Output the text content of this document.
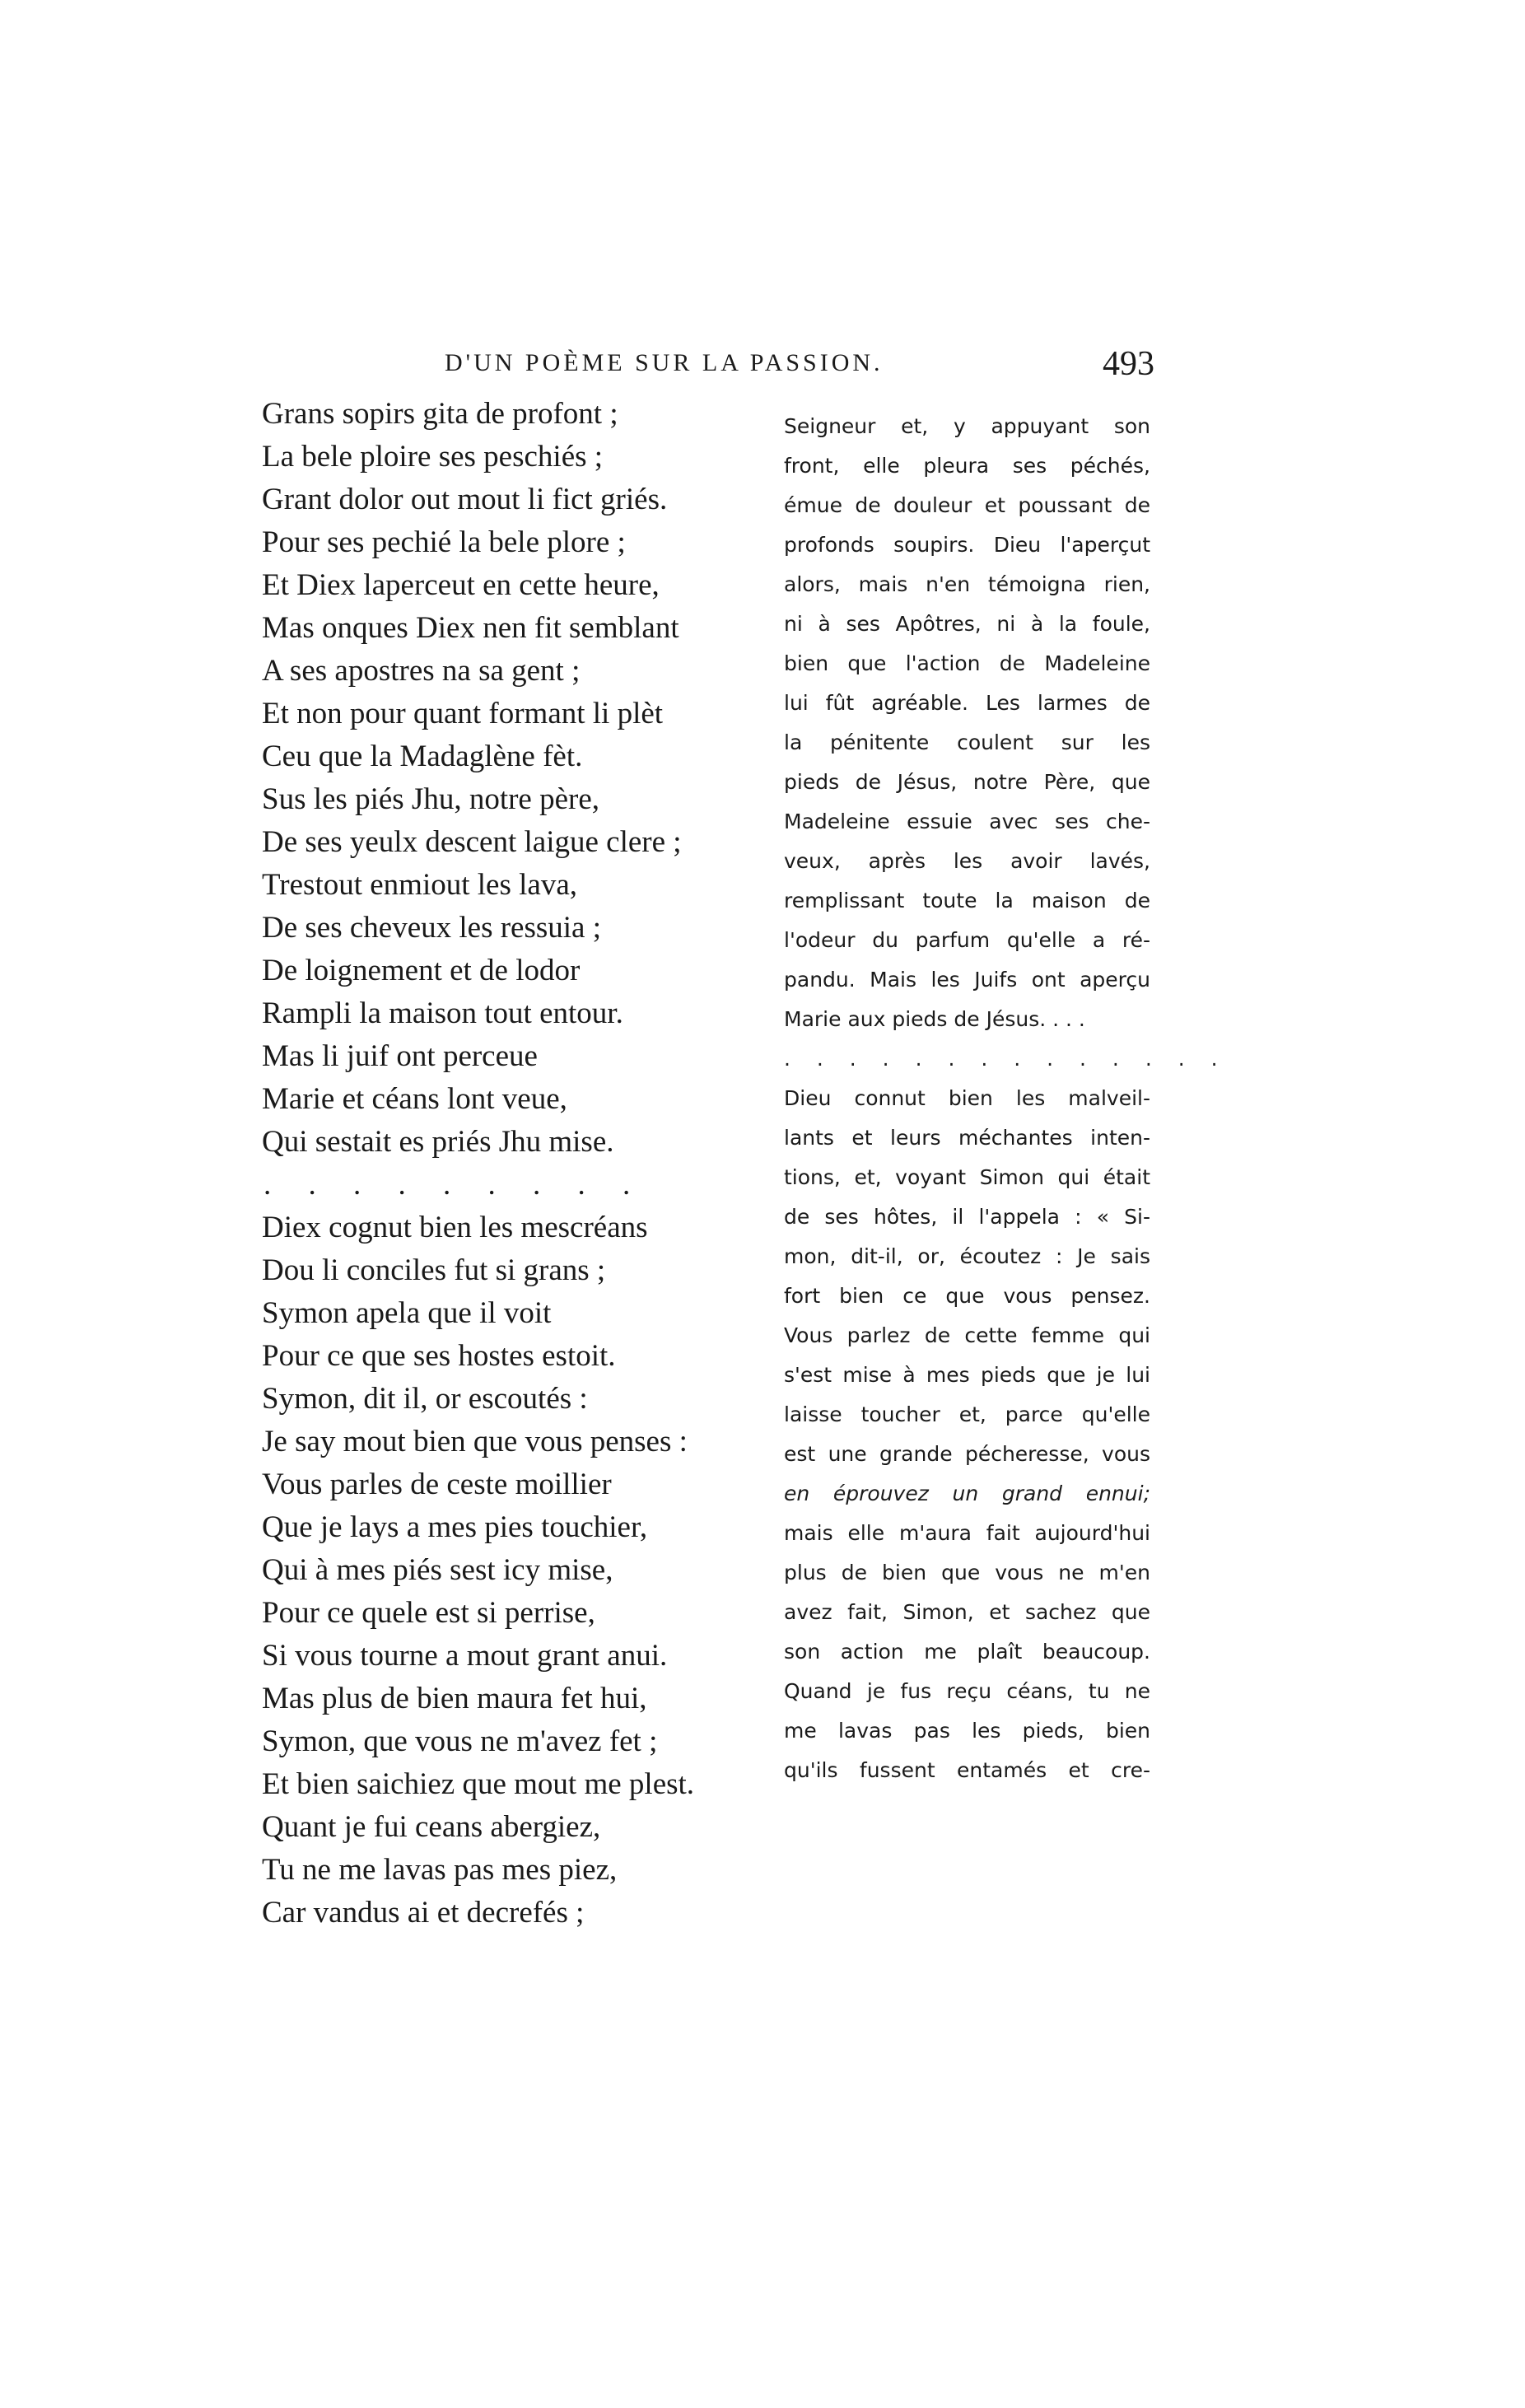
D'UN POÈME SUR LA PASSION.	493
Grans sopirs gita de profont ;
La bele ploire ses peschiés ;
Grant dolor out mout li fict griés.
Pour ses pechié la bele plore ;
Et Diex laperceut en cette heure,
Mas onques Diex nen fit semblant
A ses apostres na sa gent ;
Et non pour quant formant li plèt
Ceu que la Madaglène fèt.
Sus les piés Jhu, notre père,
De ses yeulx descent laigue clere ;
Trestout enmiout les lava,
De ses cheveux les ressuia ;
De loignement et de lodor
Rampli la maison tout entour.
Mas li juif ont perceue
Marie et céans lont veue,
Qui sestait es priés Jhu mise.
. . . . . . . . .
Diex cognut bien les mescréans
Dou li conciles fut si grans ;
Symon apela que il voit
Pour ce que ses hostes estoit.
Symon, dit il, or escoutés :
Je say mout bien que vous penses :
Vous parles de ceste moillier
Que je lays a mes pies touchier,
Qui à mes piés sest icy mise,
Pour ce quele est si perrise,
Si vous tourne a mout grant anui.
Mas plus de bien maura fet hui,
Symon, que vous ne m'avez fet ;
Et bien saichiez que mout me plest.
Quant je fui ceans abergiez,
Tu ne me lavas pas mes piez,
Car vandus ai et decrefés ;
Seigneur et, y appuyant son
front, elle pleura ses péchés,
émue de douleur et poussant de
profonds soupirs. Dieu l'aperçut
alors, mais n'en témoigna rien,
ni à ses Apôtres, ni à la foule,
bien que l'action de Madeleine
lui fût agréable. Les larmes de
la pénitente coulent sur les
pieds de Jésus, notre Père, que
Madeleine essuie avec ses che-
veux, après les avoir lavés,
remplissant toute la maison de
l'odeur du parfum qu'elle a ré-
pandu. Mais les Juifs ont aperçu
Marie aux pieds de Jésus. . . .
. . . . . . . . . . . . . .
Dieu connut bien les malveil-
lants et leurs méchantes inten-
tions, et, voyant Simon qui était
de ses hôtes, il l'appela : « Si-
mon, dit-il, or, écoutez : Je sais
fort bien ce que vous pensez.
Vous parlez de cette femme qui
s'est mise à mes pieds que je lui
laisse toucher et, parce qu'elle
est une grande pécheresse, vous
en éprouvez un grand ennui;
mais elle m'aura fait aujourd'hui
plus de bien que vous ne m'en
avez fait, Simon, et sachez que
son action me plaît beaucoup.
Quand je fus reçu céans, tu ne
me lavas pas les pieds, bien
qu'ils fussent entamés et cre-
